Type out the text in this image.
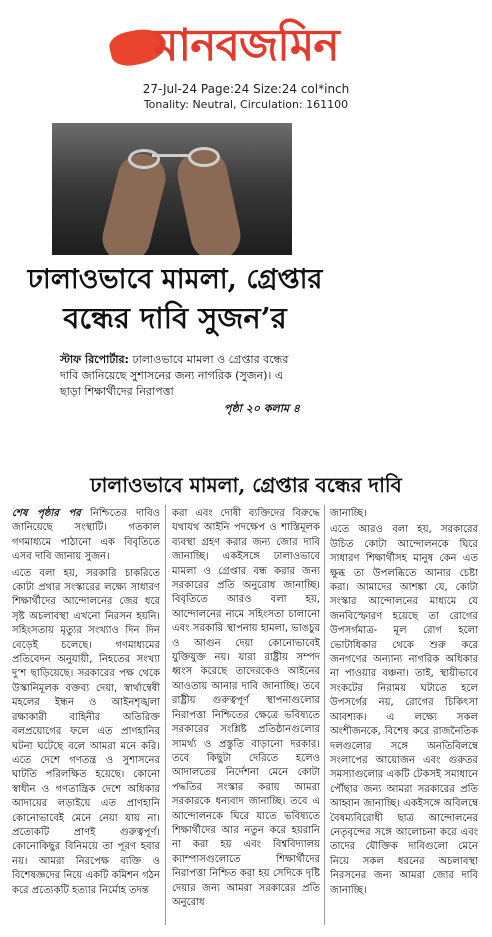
মানবজমিন
27-Jul-24 Page:24 Size:24 col*inch
Tonality: Neutral, Circulation: 161100
ঢালাওভাবে মামলা, গ্রেপ্তার
বন্ধের দাবি সুজন’র
স্টাফ রিপোর্টার: ঢালাওভাবে মামলা ও গ্রেপ্তার বন্ধের দাবি জানিয়েছে সুশাসনের জন্য নাগরিক (সুজন)। এ ছাড়া শিক্ষার্থীদের নিরাপত্তা
পৃষ্ঠা ২০ কলাম ৪
ঢালাওভাবে মামলা, গ্রেপ্তার বন্ধের দাবি

শেষ পৃষ্ঠার পর নিশ্চিতের দাবিও জানিয়েছে সংস্থাটি। গতকাল গণমাধ্যমে পাঠানো এক বিবৃতিতে এসব দাবি জানায় সুজন।

এতে বলা হয়, সরকারি চাকরিতে কোটা প্রথার সংস্কারের লক্ষ্যে সাধারণ শিক্ষার্থীদের আন্দোলনের জের ধরে সৃষ্ট অচলাবস্থা এখনো নিরসন হয়নি। সহিংসতায় মৃত্যুর সংখ্যাও দিন দিন বেড়েই চলেছে। গণমাধ্যমের প্রতিবেদন অনুযায়ী, নিহতের সংখ্যা দু’শ ছাড়িয়েছে। সরকারের পক্ষ থেকে উস্কানিমূলক বক্তব্য দেয়া, স্বার্থান্বেষী মহলের ইন্ধন ও আইনশৃঙ্খলা রক্ষাকারী বাহিনীর অতিরিক্ত বলপ্রয়োগের ফলে এত প্রাণহানির ঘটনা ঘটেছে বলে আমরা মনে করি। এতে দেশে গণতন্ত্র ও সুশাসনের ঘাটতি পরিলক্ষিত হয়েছে। কোনো স্বাধীন ও গণতান্ত্রিক দেশে অধিকার আদায়ের লড়াইয়ে এত প্রাণহানি কোনোভাবেই মেনে নেয়া যায় না। প্রত্যেকটি প্রাণই গুরুত্বপূর্ণ। কোনোকিছুর বিনিময়ে তা পূরণ হবার নয়। আমরা নিরপেক্ষ ব্যক্তি ও বিশেষজ্ঞদের নিয়ে একটি কমিশন গঠন করে প্রত্যেকটি হত্যার নির্মোহ তদন্ত

করা এবং দোষী ব্যক্তিদের বিরুদ্ধে যথাযথ আইনি পদক্ষেপ ও শাস্তিমূলক ব্যবস্থা গ্রহণ করার জন্য জোর দাবি জানাচ্ছি। একইসঙ্গে ঢালাওভাবে মামলা ও গ্রেপ্তার বন্ধ করার জন্য সরকারের প্রতি অনুরোধ জানাচ্ছি। বিবৃতিতে আরও বলা হয়, আন্দোলনের নামে সহিংসতা চালানো এবং সরকারি স্থাপনায় হামলা, ভাঙচুর ও আগুন দেয়া কোনোভাবেই যুক্তিযুক্ত নয়। যারা রাষ্ট্রীয় সম্পদ ধ্বংস করেছে তাদেরকেও আইনের আওতায় আনার দাবি জানাচ্ছি। তবে রাষ্ট্রীয় গুরুত্বপূর্ণ স্থাপনাগুলোর নিরাপত্তা নিশ্চিতের ক্ষেত্রে ভবিষ্যতে সরকারের সংশ্লিষ্ট প্রতিষ্ঠানগুলোর সামর্থ্য ও প্রস্তুতি বাড়ানো দরকার। তবে কিছুটা দেরিতে হলেও আদালতের নির্দেশনা মেনে কোটা পদ্ধতির সংস্কার করায় আমরা সরকারকে ধন্যবাদ জানাচ্ছি। তবে এ আন্দোলনকে ঘিরে যাতে ভবিষ্যতে শিক্ষার্থীদের আর নতুন করে হয়রানি না করা হয় এবং বিশ্ববিদ্যালয় ক্যাম্পাসগুলোতে শিক্ষার্থীদের নিরাপত্তা নিশ্চিত করা হয় সেদিকে দৃষ্টি দেয়ার জন্য আমরা সরকারের প্রতি অনুরোধ

জানাচ্ছি।

এতে আরও বলা হয়, সরকারের উচিত কোটা আন্দোলনকে ঘিরে সাধারণ শিক্ষার্থীসহ মানুষ কেন এত ক্ষুব্ধ তা উপলব্ধিতে আনার চেষ্টা করা। আমাদের আশঙ্কা যে, কোটা সংস্কার আন্দোলনের মাধ্যমে যে জনবিস্ফোরণ হয়েছে তা রোগের উপসর্গমাত্র- মূল রোগ হলো ভোটাধিকার থেকে শুরু করে জনগণের অন্যান্য নাগরিক অধিকার না পাওয়ার বঞ্চনা। তাই, স্থায়ীভাবে সংকটের নিরাময় ঘটাতে হলে উপসর্গের নয়, রোগের চিকিৎসা আবশ্যক। এ লক্ষ্যে সকল অংশীজনকে, বিশেষ করে রাজনৈতিক দলগুলোর সঙ্গে অনতিবিলম্বে সংলাপের আয়োজন এবং গুরুতর সমস্যাগুলোর একটি টেকসই সমাধানে পৌঁছার জন্য আমরা সরকারের প্রতি আহ্বান জানাচ্ছি। একইসঙ্গে অবিলম্বে বৈষম্যবিরোধী ছাত্র আন্দোলনের নেতৃবৃন্দের সঙ্গে আলোচনা করে এবং তাদের যৌক্তিক দাবিগুলো মেনে নিয়ে সকল ধরনের অচলাবস্থা নিরসনের জন্য আমরা জোর দাবি জানাচ্ছি।
